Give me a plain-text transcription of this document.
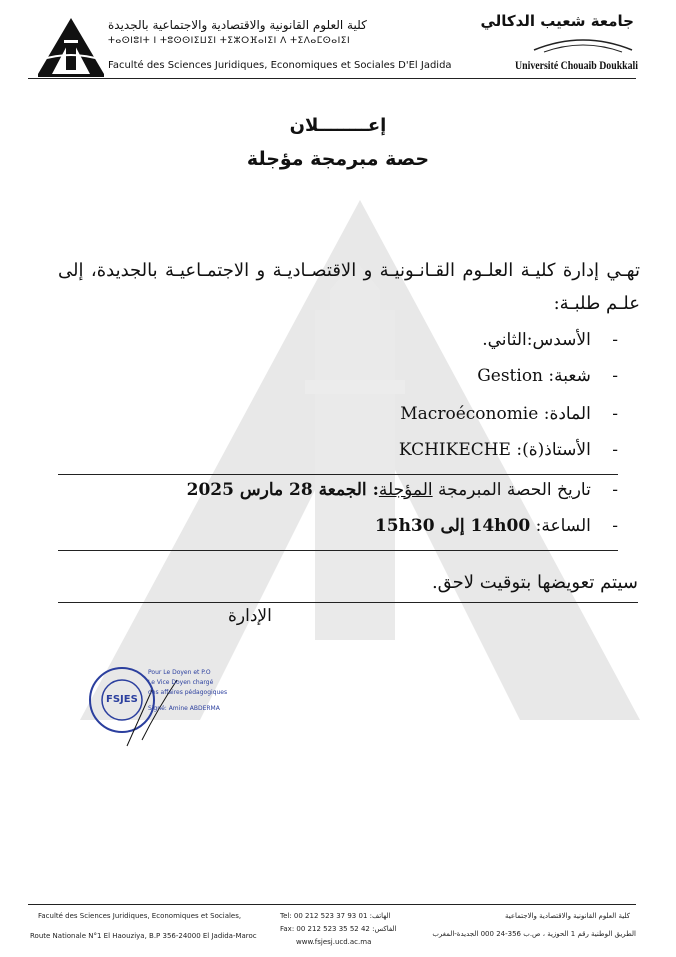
كلية العلوم القانونية والاقتصادية والاجتماعية بالجديدة
ⵜⴰⵙⵏⵓⵏⵜ ⵏ ⵜⵓⵙⵙⵏⵉⵡⵉⵏ ⵜⵉⵣⵔⴼⴰⵏⵉⵏ ⴷ ⵜⵉⴷⴰⵎⵙⴰⵏⵉⵏ
Faculté des Sciences Juridiques, Economiques et Sociales D'El Jadida
جامعة شعيب الدكالي
Université Chouaib Doukkali
إعــــــــلان
حصة مبرمجة مؤجلة
تهـي إدارة كليـة العلـوم القـانـونيـة و الاقتصـاديـة و الاجتمـاعيـة بالجديدة، إلى علـم طلبـة:
- الأسدس:الثاني.
- شعبة: Gestion
- المادة: Macroéconomie
- الأستاذ(ة): KCHIKECHE
- تاريخ الحصة المبرمجة المؤجلة: الجمعة 28 مارس 2025
- الساعة: 14h00 إلى 15h30
سيتم تعويضها بتوقيت لاحق.
الإدارة
FSJES
Pour Le Doyen et P.O
Le Vice Doyen chargé
des affaires pédagogiques
Signé: Amine ABDERMA
Faculté des Sciences Juridiques, Economiques et Sociales,
Route Nationale N°1 El Haouziya, B.P 356-24000 El Jadida-Maroc
Tel: 00 212 523 37 93 01 :الهاتف
Fax: 00 212 523 35 52 42 :الفاكس
www.fsjesj.ucd.ac.ma
كلية العلوم القانونية والاقتصادية والاجتماعية
الطريق الوطنية رقم 1 الحوزية ، ص.ب 356-24 000 الجديدة-المغرب
